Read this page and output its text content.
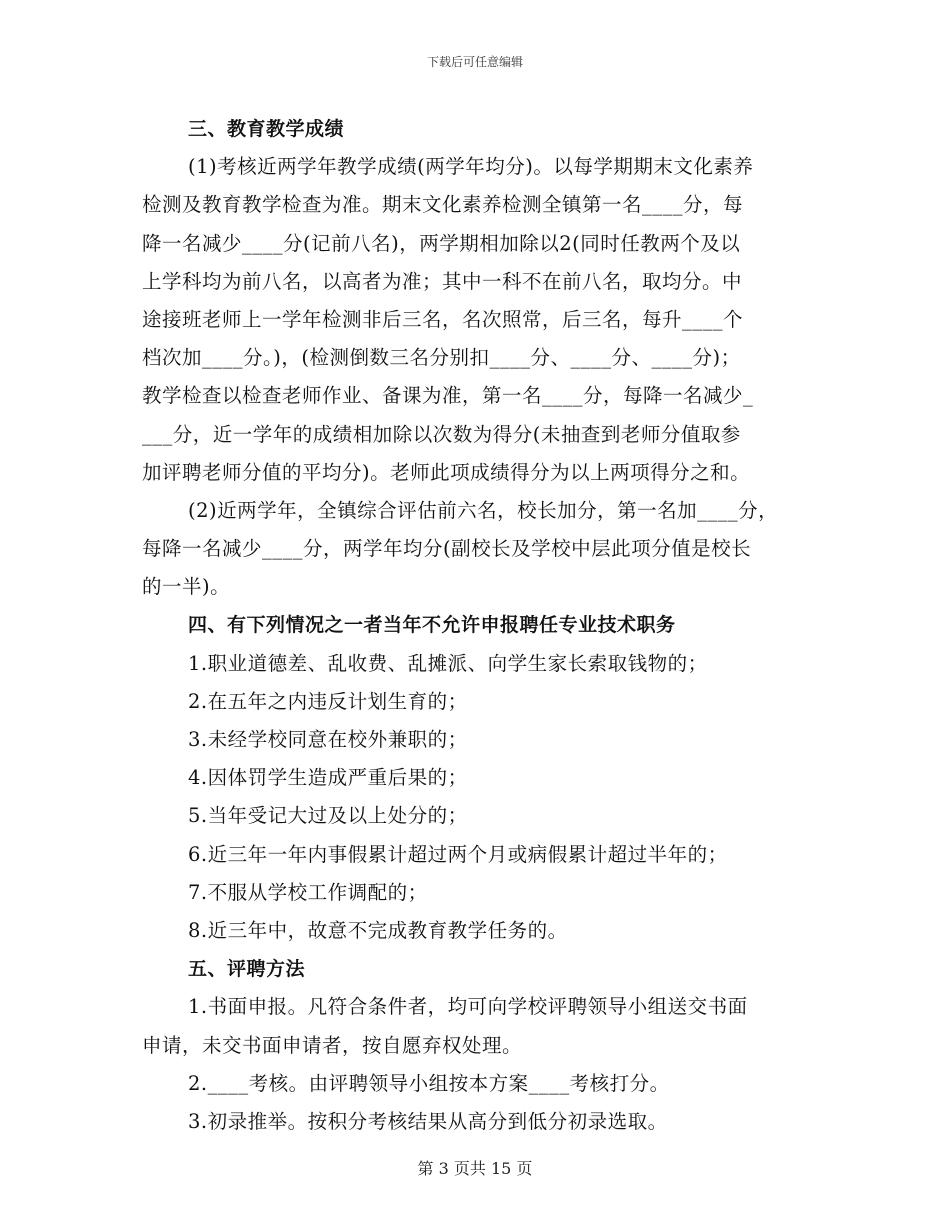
下载后可任意编辑
三、教育教学成绩
(1)考核近两学年教学成绩(两学年均分)。以每学期期末文化素养
检测及教育教学检查为准。期末文化素养检测全镇第一名____分，每
降一名减少____分(记前八名)，两学期相加除以2(同时任教两个及以
上学科均为前八名，以高者为准；其中一科不在前八名，取均分。中
途接班老师上一学年检测非后三名，名次照常，后三名，每升____个
档次加____分。)，(检测倒数三名分别扣____分、____分、____分)；
教学检查以检查老师作业、备课为准，第一名____分，每降一名减少_
___分，近一学年的成绩相加除以次数为得分(未抽查到老师分值取参
加评聘老师分值的平均分)。老师此项成绩得分为以上两项得分之和。
(2)近两学年，全镇综合评估前六名，校长加分，第一名加____分，
每降一名减少____分，两学年均分(副校长及学校中层此项分值是校长
的一半)。
四、有下列情况之一者当年不允许申报聘任专业技术职务
1.职业道德差、乱收费、乱摊派、向学生家长索取钱物的；
2.在五年之内违反计划生育的；
3.未经学校同意在校外兼职的；
4.因体罚学生造成严重后果的；
5.当年受记大过及以上处分的；
6.近三年一年内事假累计超过两个月或病假累计超过半年的；
7.不服从学校工作调配的；
8.近三年中，故意不完成教育教学任务的。
五、评聘方法
1.书面申报。凡符合条件者，均可向学校评聘领导小组送交书面
申请，未交书面申请者，按自愿弃权处理。
2.____考核。由评聘领导小组按本方案____考核打分。
3.初录推举。按积分考核结果从高分到低分初录选取。
第 3 页共 15 页
